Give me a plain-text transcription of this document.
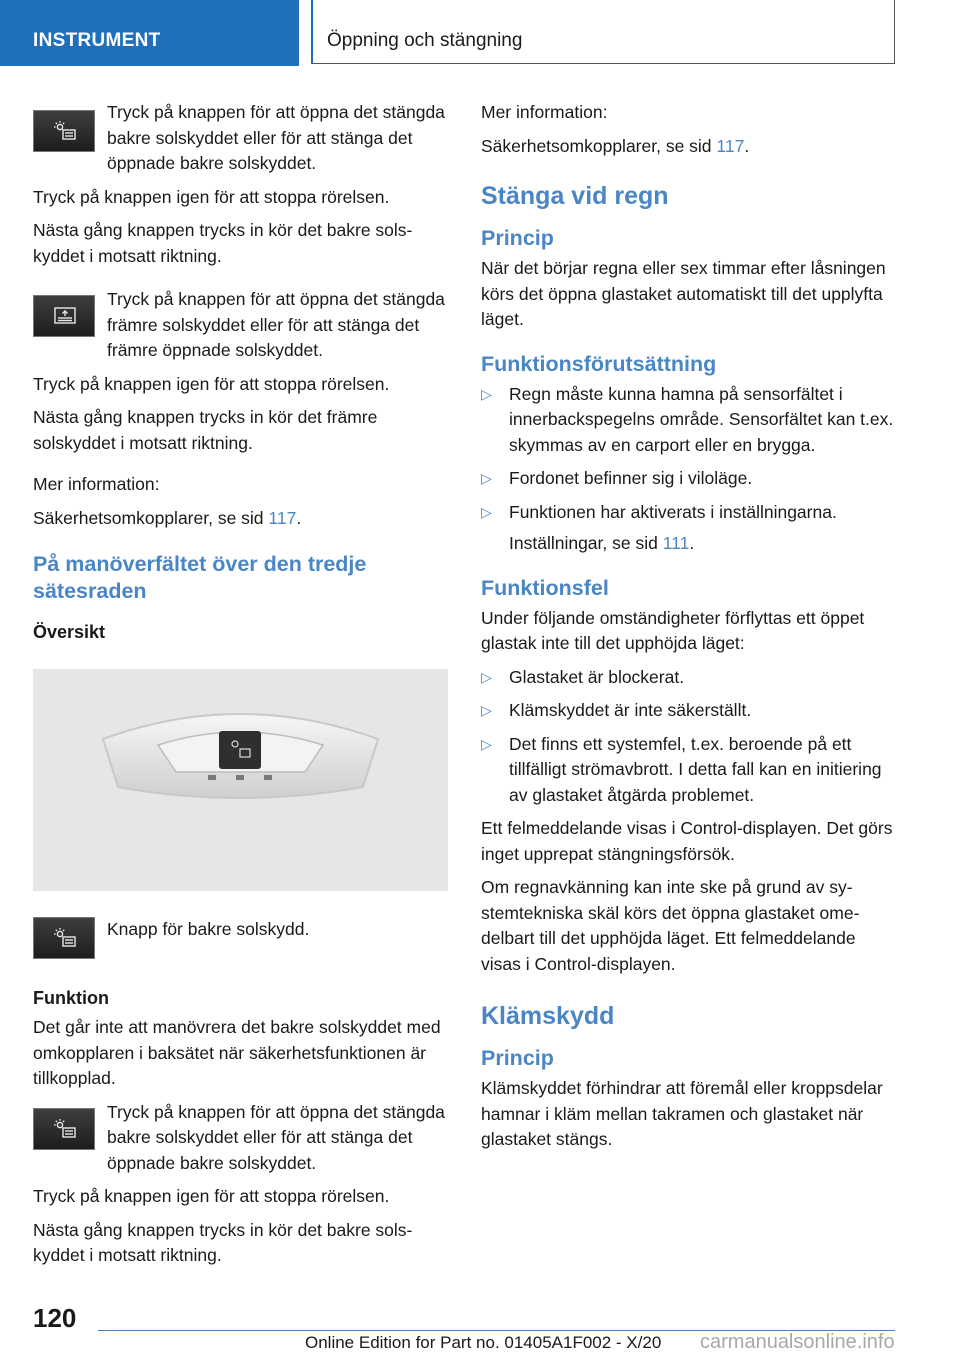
INSTRUMENT	Öppning och stängning

Tryck på knappen för att öppna det stängda bakre solskyddet eller för att stänga det öppnade bakre solskyddet.

Tryck på knappen igen för att stoppa rörelsen.

Nästa gång knappen trycks in kör det bakre solskyddet i motsatt riktning.

Tryck på knappen för att öppna det stängda främre solskyddet eller för att stänga det främre öppnade solskyddet.

Tryck på knappen igen för att stoppa rörelsen.

Nästa gång knappen trycks in kör det främre solskyddet i motsatt riktning.

Mer information:

Säkerhetsomkopplarer, se sid 117.

På manöverfältet över den tredje sätesraden
Översikt

Knapp för bakre solskydd.

Funktion

Det går inte att manövrera det bakre solskyddet med omkopplaren i baksätet när säkerhetsfunktionen är tillkopplad.

Tryck på knappen för att öppna det stängda bakre solskyddet eller för att stänga det öppnade bakre solskyddet.

Tryck på knappen igen för att stoppa rörelsen.

Nästa gång knappen trycks in kör det bakre solskyddet i motsatt riktning.

Mer information:

Säkerhetsomkopplarer, se sid 117.

Stänga vid regn
Princip

När det börjar regna eller sex timmar efter låsningen körs det öppna glastaket automatiskt till det upplyfta läget.

Funktionsförutsättning
▷ Regn måste kunna hamna på sensorfältet i innerbackspegelns område. Sensorfältet kan t.ex. skymmas av en carport eller en brygga.
▷ Fordonet befinner sig i viloläge.
▷ Funktionen har aktiverats i inställningarna.
Inställningar, se sid 111.
Funktionsfel

Under följande omständigheter förflyttas ett öppet glastak inte till det upphöjda läget:

▷ Glastaket är blockerat.
▷ Klämskyddet är inte säkerställt.
▷ Det finns ett systemfel, t.ex. beroende på ett tillfälligt strömavbrott. I detta fall kan en initiering av glastaket åtgärda problemet.

Ett felmeddelande visas i Control-displayen. Det görs inget upprepat stängningsförsök.

Om regnavkänning kan inte ske på grund av systemtekniska skäl körs det öppna glastaket omedelbart till det upphöjda läget. Ett felmeddelande visas i Control-displayen.

Klämskydd
Princip

Klämskyddet förhindrar att föremål eller kroppsdelar hamnar i kläm mellan takramen och glastaket när glastaket stängs.

120
Online Edition for Part no. 01405A1F002 - X/20 carmanualsonline.info
